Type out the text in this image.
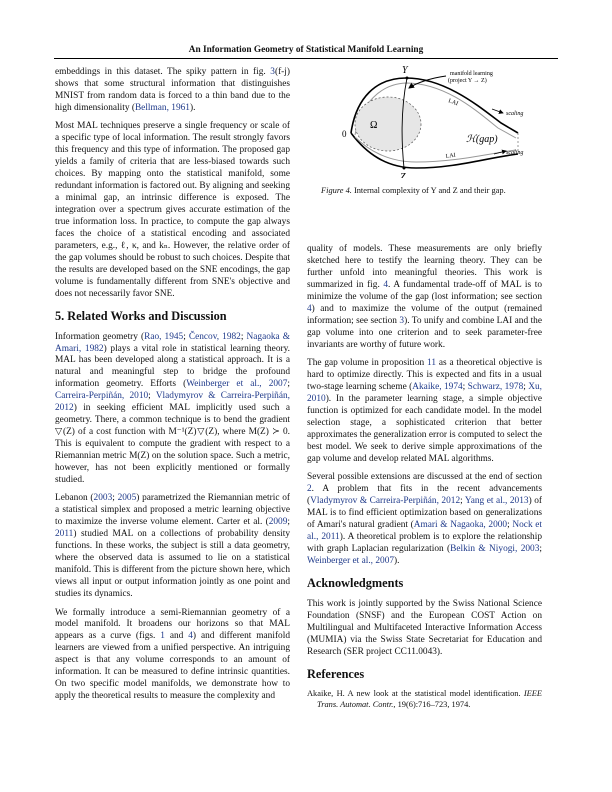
An Information Geometry of Statistical Manifold Learning

embeddings in this dataset. The spiky pattern in fig. 3(f-j) shows that some structural information that distinguishes MNIST from random data is forced to a thin band due to the high dimensionality (Bellman, 1961).

Most MAL techniques preserve a single frequency or scale of a specific type of local information. The result strongly favors this frequency and this type of information. The proposed gap yields a family of criteria that are less-biased towards such choices. By mapping onto the statistical manifold, some redundant information is factored out. By aligning and seeking a minimal gap, an intrinsic difference is exposed. The integration over a spectrum gives accurate estimation of the true information loss. In practice, to compute the gap always faces the choice of a statistical encoding and associated parameters, e.g., ℓ, κ, and kₙ. However, the relative order of the gap volumes should be robust to such choices. Despite that the results are developed based on the SNE encodings, the gap volume is fundamentally different from SNE's objective and does not necessarily favor SNE.

5. Related Works and Discussion

Information geometry (Rao, 1945; Čencov, 1982; Nagaoka & Amari, 1982) plays a vital role in statistical learning theory. MAL has been developed along a statistical approach. It is a natural and meaningful step to bridge the profound information geometry. Efforts (Weinberger et al., 2007; Carreira-Perpiñán, 2010; Vladymyrov & Carreira-Perpiñán, 2012) in seeking efficient MAL implicitly used such a geometry. There, a common technique is to bend the gradient ▽(Z) of a cost function with M⁻¹(Z)▽(Z), where M(Z) ≻ 0. This is equivalent to compute the gradient with respect to a Riemannian metric M(Z) on the solution space. Such a metric, however, has not been explicitly mentioned or formally studied.

Lebanon (2003; 2005) parametrized the Riemannian metric of a statistical simplex and proposed a metric learning objective to maximize the inverse volume element. Carter et al. (2009; 2011) studied MAL on a collections of probability density functions. In these works, the subject is still a data geometry, where the observed data is assumed to lie on a statistical manifold. This is different from the picture shown here, which views all input or output information jointly as one point and studies its dynamics.

We formally introduce a semi-Riemannian geometry of a model manifold. It broadens our horizons so that MAL appears as a curve (figs. 1 and 4) and different manifold learners are viewed from a unified perspective. An intriguing aspect is that any volume corresponds to an amount of information. It can be measured to define intrinsic quantities. On two specific model manifolds, we demonstrate how to apply the theoretical results to measure the complexity and

Y
Z
0
Ω
ℋ(gap)
LAI
LAI
scaling
scaling
manifold learning
(project Y → Z)
Figure 4. Internal complexity of Y and Z and their gap.

quality of models. These measurements are only briefly sketched here to testify the learning theory. They can be further unfold into meaningful theories. This work is summarized in fig. 4. A fundamental trade-off of MAL is to minimize the volume of the gap (lost information; see section 4) and to maximize the volume of the output (remained information; see section 3). To unify and combine LAI and the gap volume into one criterion and to seek parameter-free invariants are worthy of future work.

The gap volume in proposition 11 as a theoretical objective is hard to optimize directly. This is expected and fits in a usual two-stage learning scheme (Akaike, 1974; Schwarz, 1978; Xu, 2010). In the parameter learning stage, a simple objective function is optimized for each candidate model. In the model selection stage, a sophisticated criterion that better approximates the generalization error is computed to select the best model. We seek to derive simple approximations of the gap volume and develop related MAL algorithms.

Several possible extensions are discussed at the end of section 2. A problem that fits in the recent advancements (Vladymyrov & Carreira-Perpiñán, 2012; Yang et al., 2013) of MAL is to find efficient optimization based on generalizations of Amari's natural gradient (Amari & Nagaoka, 2000; Nock et al., 2011). A theoretical problem is to explore the relationship with graph Laplacian regularization (Belkin & Niyogi, 2003; Weinberger et al., 2007).

Acknowledgments

This work is jointly supported by the Swiss National Science Foundation (SNSF) and the European COST Action on Multilingual and Multifaceted Interactive Information Access (MUMIA) via the Swiss State Secretariat for Education and Research (SER project CC11.0043).

References
Akaike, H. A new look at the statistical model identification. IEEE Trans. Automat. Contr., 19(6):716–723, 1974.
